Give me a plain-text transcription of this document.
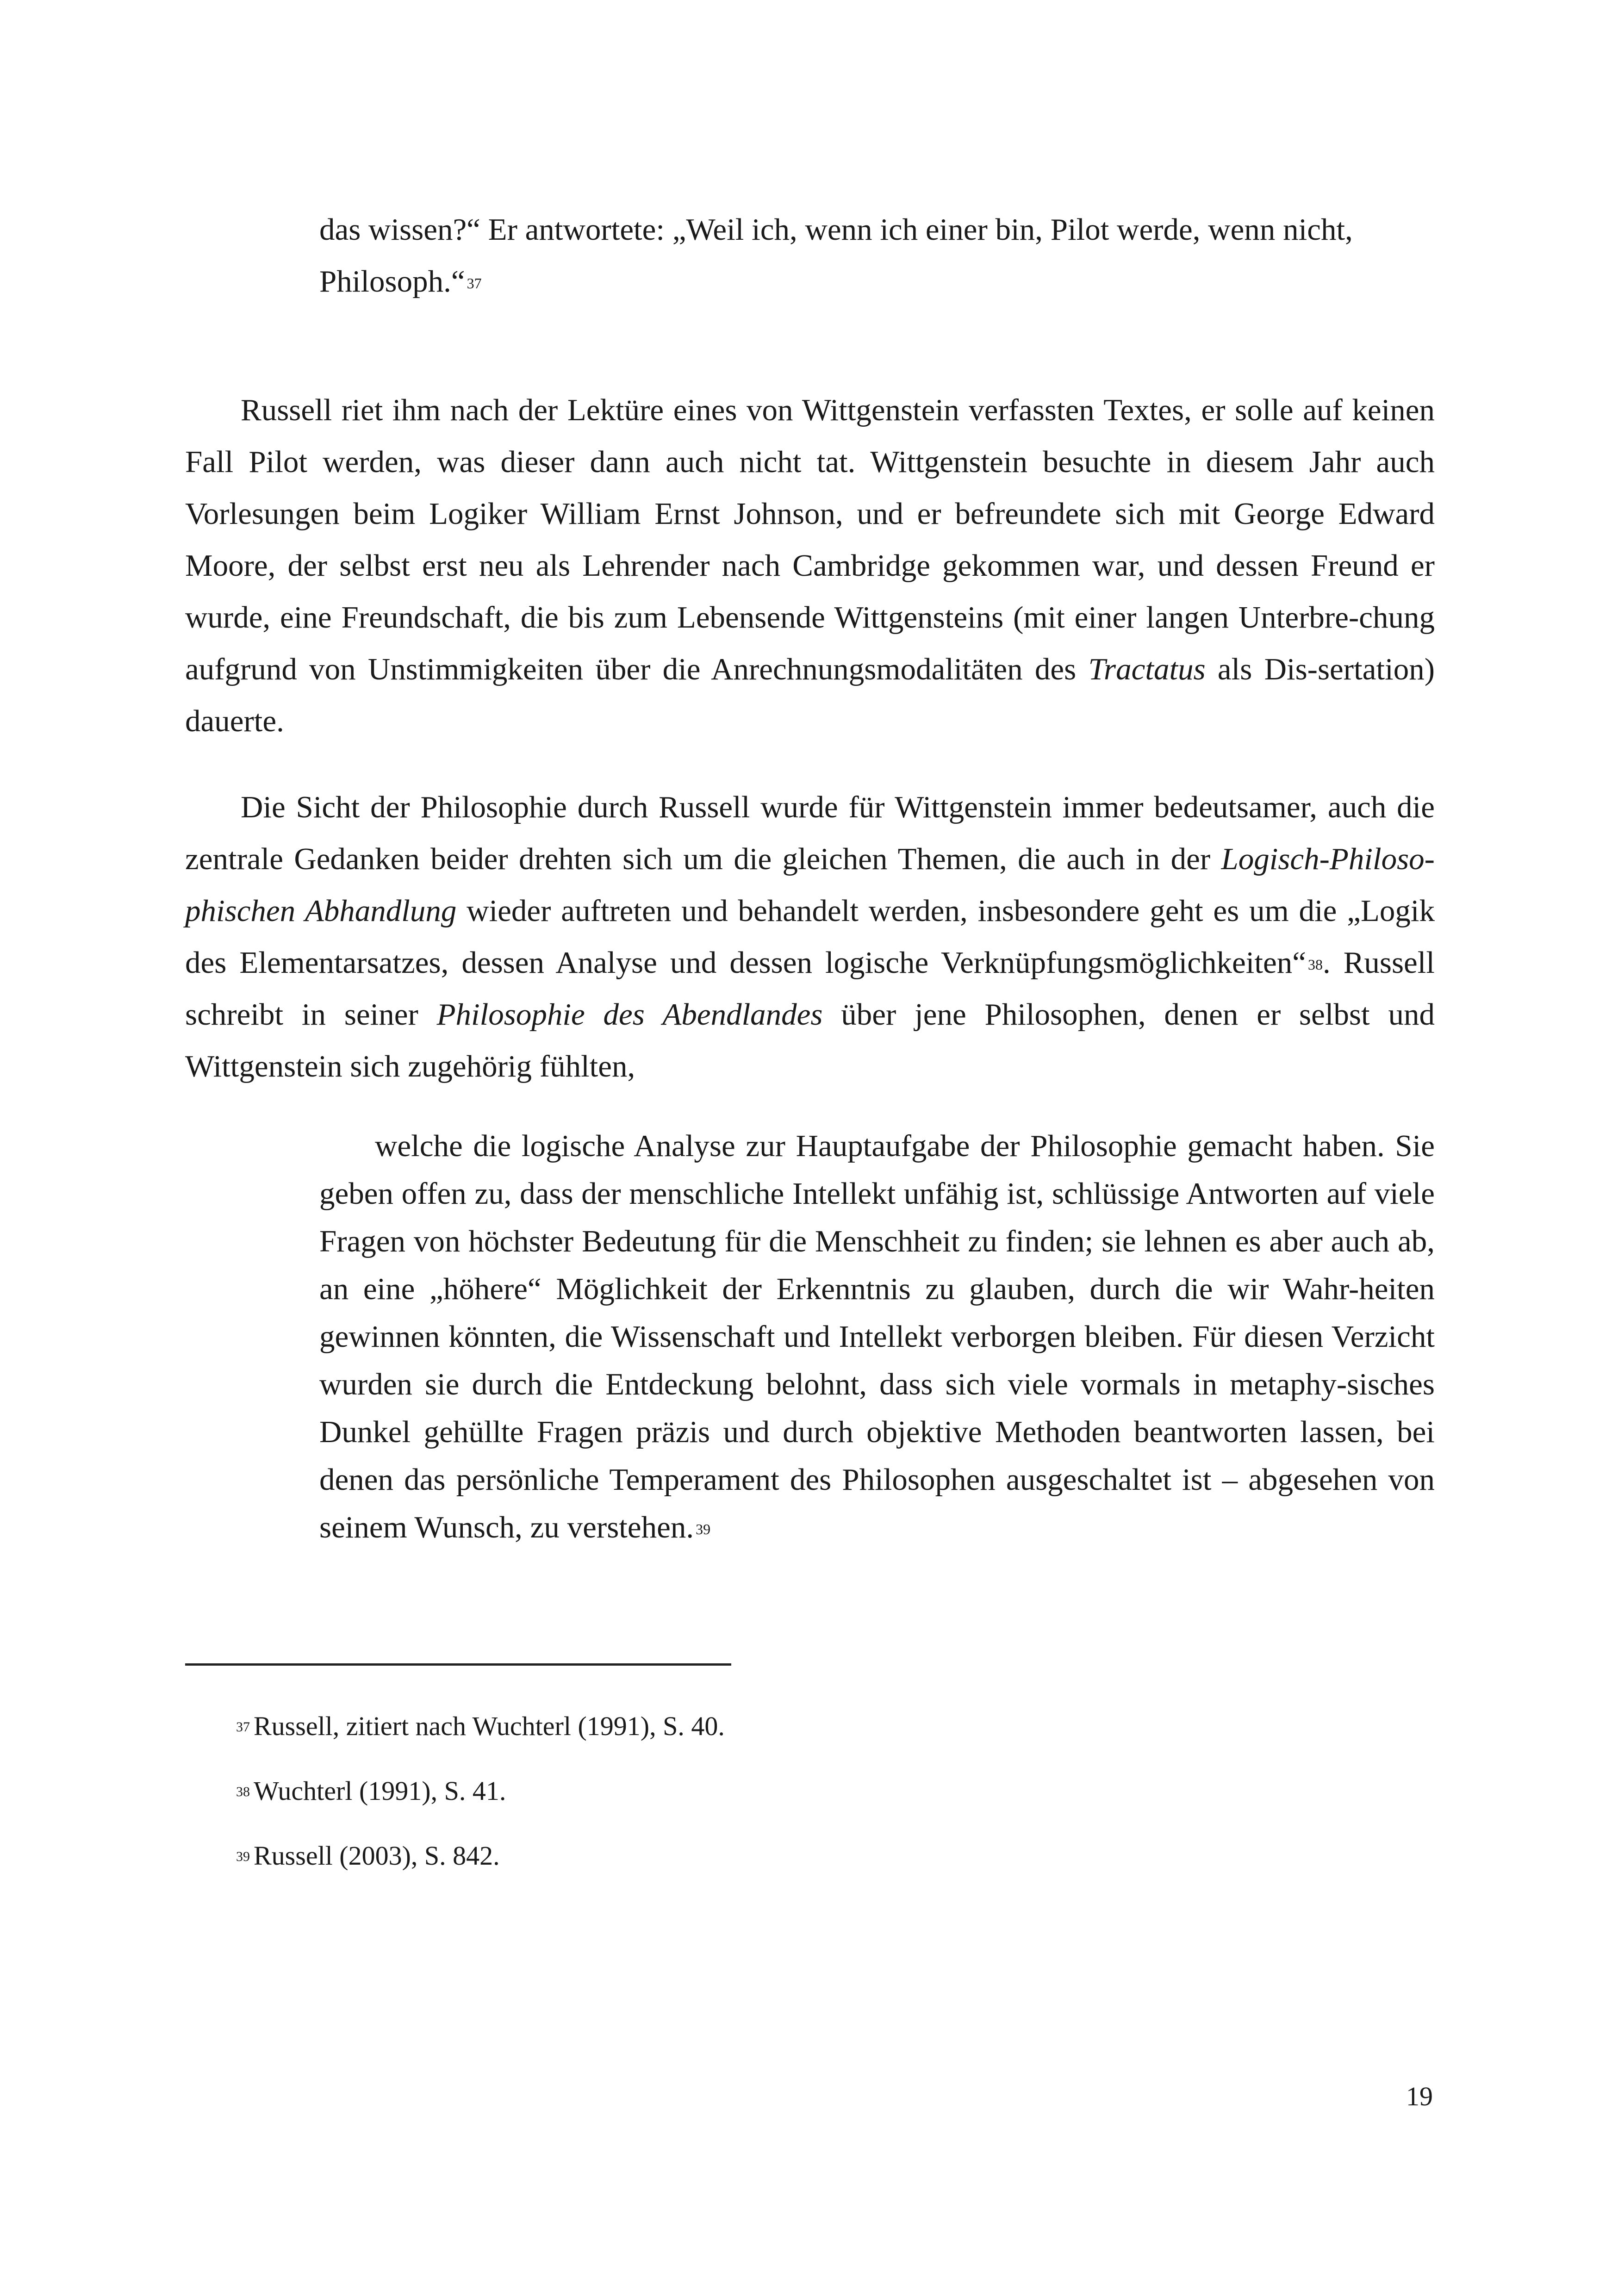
das wissen?“ Er antwortete: „Weil ich, wenn ich einer bin, Pilot werde, wenn nicht,
Philosoph.“ $^{37}$

Russell riet ihm nach der Lektüre eines von Wittgenstein verfassten Textes, er solle auf keinen Fall Pilot werden, was dieser dann auch nicht tat. Wittgenstein besuchte in diesem Jahr auch Vorlesungen beim Logiker William Ernst Johnson, und er befreundete sich mit George Edward Moore, der selbst erst neu als Lehrender nach Cambridge gekommen war, und dessen Freund er wurde, eine Freundschaft, die bis zum Lebensende Wittgensteins (mit einer langen Unterbre-chung aufgrund von Unstimmigkeiten über die Anrechnungsmodalitäten des Tractatus als Dis-sertation) dauerte.

Die Sicht der Philosophie durch Russell wurde für Wittgenstein immer bedeutsamer, auch die zentrale Gedanken beider drehten sich um die gleichen Themen, die auch in der Logisch-Philoso-phischen Abhandlung wieder auftreten und behandelt werden, insbesondere geht es um die „Logik des Elementarsatzes, dessen Analyse und dessen logische Verknüpfungsmöglichkeiten“ $^{38}$. Russell schreibt in seiner Philosophie des Abendlandes über jene Philosophen, denen er selbst und Wittgenstein sich zugehörig fühlten,

welche die logische Analyse zur Hauptaufgabe der Philosophie gemacht haben. Sie geben offen zu, dass der menschliche Intellekt unfähig ist, schlüssige Antworten auf viele Fragen von höchster Bedeutung für die Menschheit zu finden; sie lehnen es aber auch ab, an eine „höhere“ Möglichkeit der Erkenntnis zu glauben, durch die wir Wahr-heiten gewinnen könnten, die Wissenschaft und Intellekt verborgen bleiben. Für diesen Verzicht wurden sie durch die Entdeckung belohnt, dass sich viele vormals in metaphy-sisches Dunkel gehüllte Fragen präzis und durch objektive Methoden beantworten lassen, bei denen das persönliche Temperament des Philosophen ausgeschaltet ist – abgesehen von seinem Wunsch, zu verstehen. $^{39}$

$^{37}$ Russell, zitiert nach Wuchterl (1991), S. 40.

$^{38}$ Wuchterl (1991), S. 41.

$^{39}$ Russell (2003), S. 842.

19
